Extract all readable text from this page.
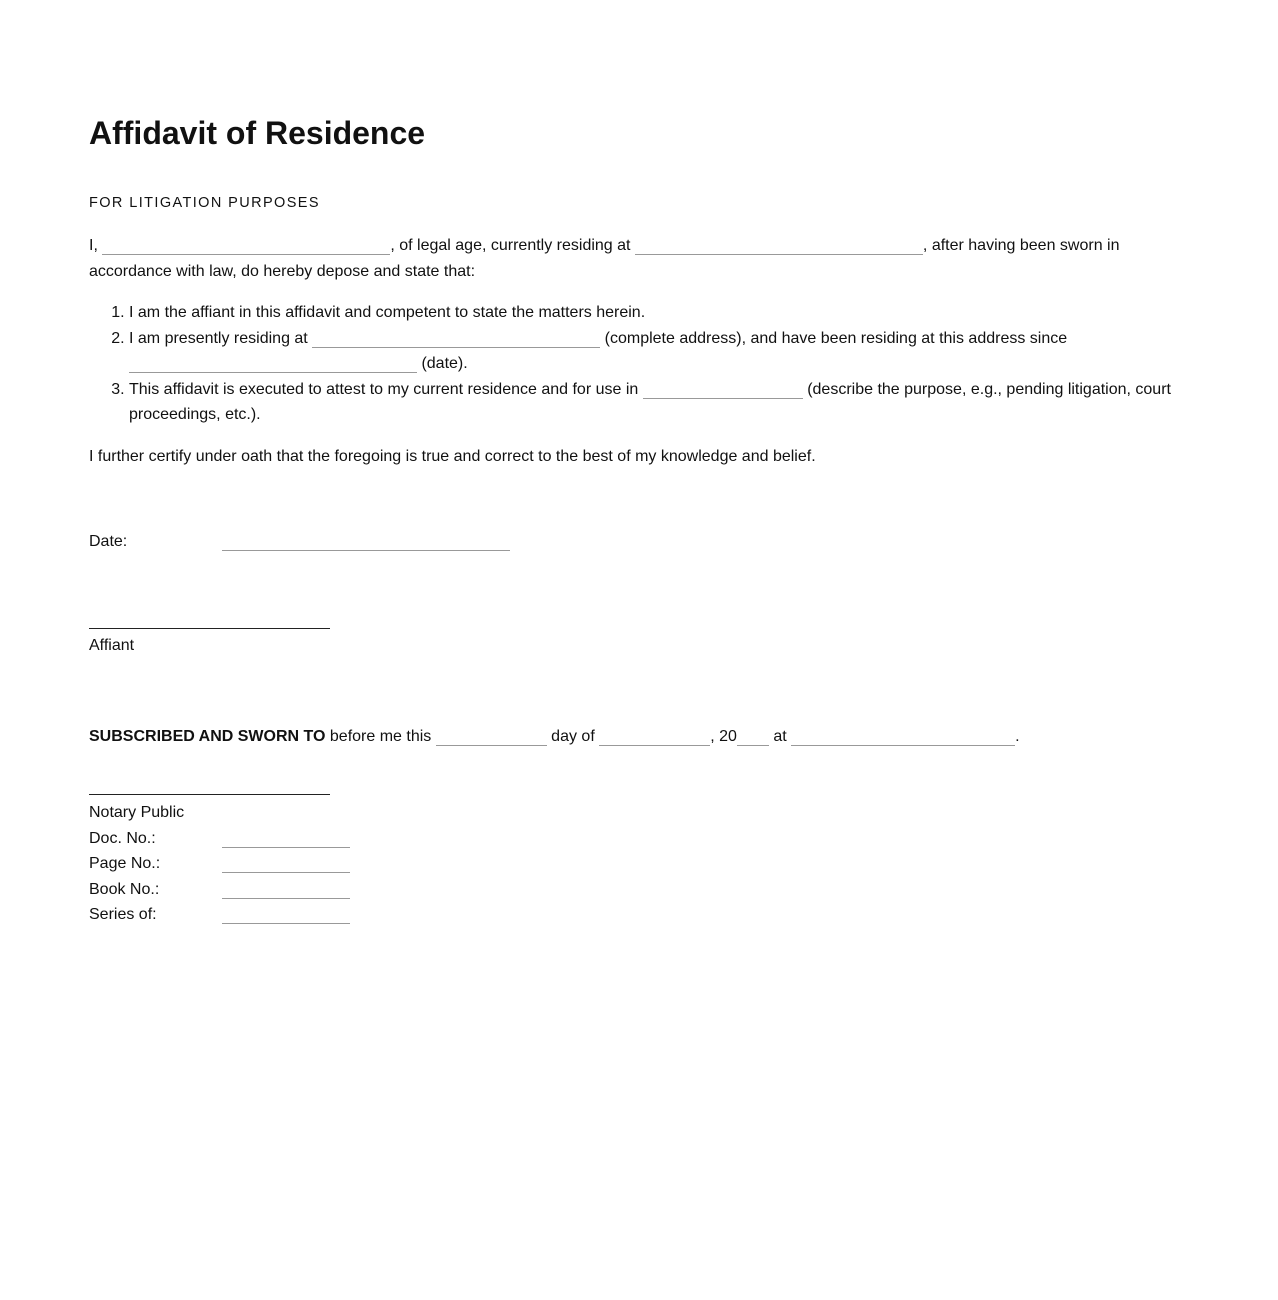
Affidavit of Residence
FOR LITIGATION PURPOSES
I,	, of legal age, currently residing at	, after having been sworn in accordance with law, do hereby depose and state that:
1. I am the affiant in this affidavit and competent to state the matters herein.
2. I am presently residing at	(complete address), and have been residing at this address since  (date).
3. This affidavit is executed to attest to my current residence and for use in	(describe the purpose, e.g., pending litigation, court proceedings, etc.).
I further certify under oath that the foregoing is true and correct to the best of my knowledge and belief.
Date:
Affiant
SUBSCRIBED AND SWORN TO before me this	day of	, 20 at	.
Notary Public
Doc. No.:
Page No.:
Book No.:
Series of:
